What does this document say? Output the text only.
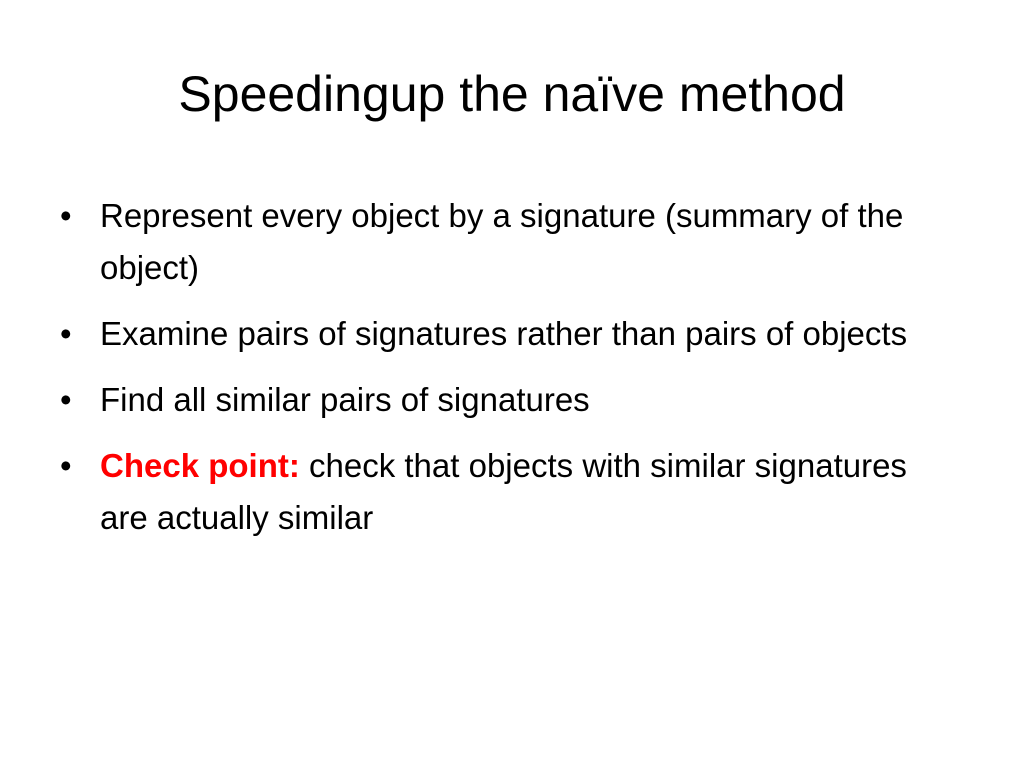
Speedingup the naïve method
• Represent every object by a signature (summary of the object)
• Examine pairs of signatures rather than pairs of objects
• Find all similar pairs of signatures
• Check point: check that objects with similar signatures are actually similar
